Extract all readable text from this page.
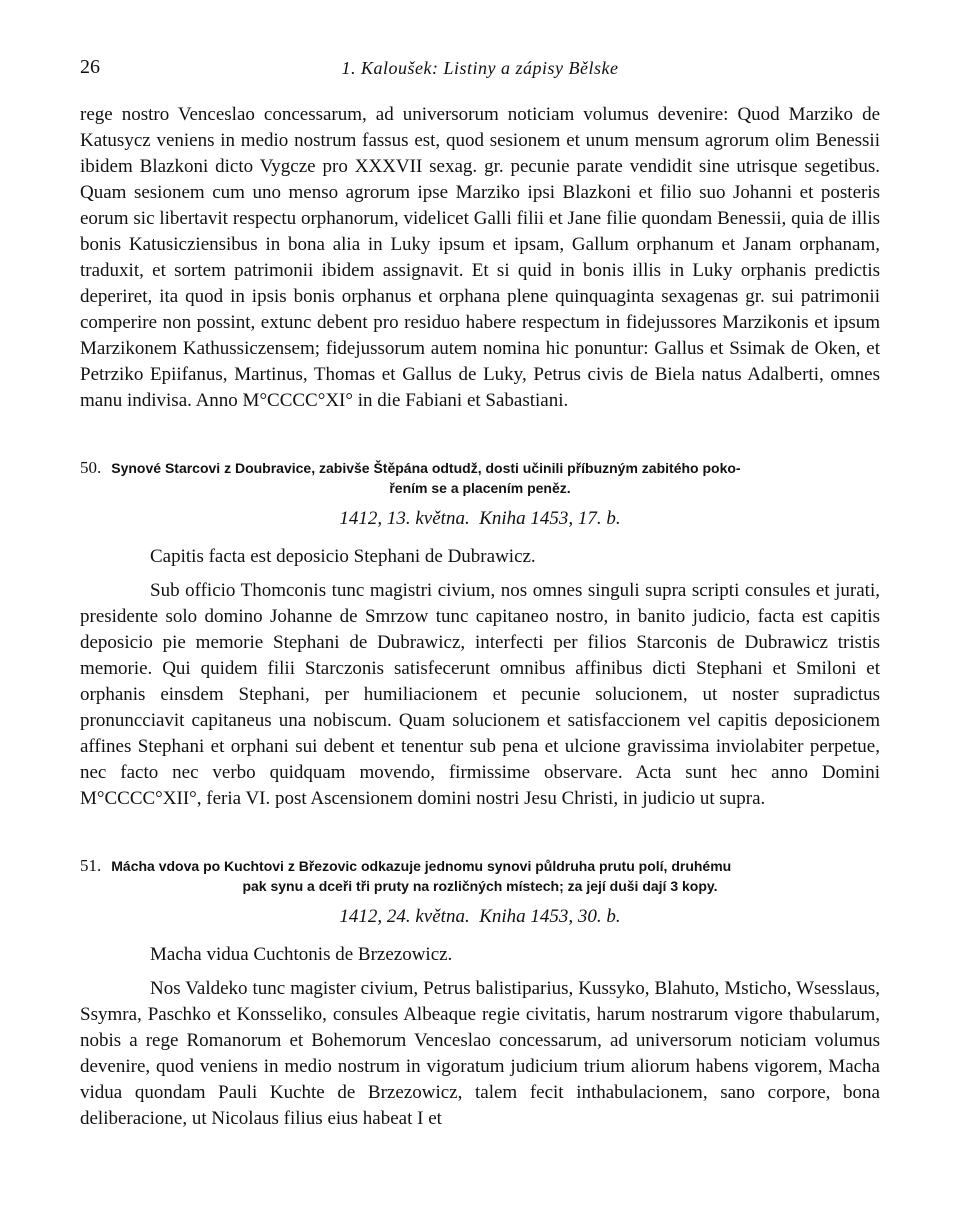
26	1. Kaloušek: Listiny a zápisy Bělske

rege nostro Venceslao concessarum, ad universorum noticiam volumus devenire: Quod Marziko de Katusycz veniens in medio nostrum fassus est, quod sesionem et unum mensum agrorum olim Benessii ibidem Blazkoni dicto Vygcze pro XXXVII sexag. gr. pecunie parate vendidit sine utrisque segetibus. Quam sesionem cum uno menso agrorum ipse Marziko ipsi Blazkoni et filio suo Johanni et posteris eorum sic libertavit respectu orphanorum, videlicet Galli filii et Jane filie quondam Benessii, quia de illis bonis Katusicziensibus in bona alia in Luky ipsum et ipsam, Gallum orphanum et Janam orphanam, traduxit, et sortem patrimonii ibidem assignavit. Et si quid in bonis illis in Luky orphanis predictis deperiret, ita quod in ipsis bonis orphanus et orphana plene quinquaginta sexagenas gr. sui patrimonii comperire non possint, extunc debent pro residuo habere respectum in fidejussores Marzikonis et ipsum Marzikonem Kathussiczensem; fidejussorum autem nomina hic ponuntur: Gallus et Ssimak de Oken, et Petrziko Epiifanus, Martinus, Thomas et Gallus de Luky, Petrus civis de Biela natus Adalberti, omnes manu indivisa. Anno M°CCCC°XI° in die Fabiani et Sabastiani.

50. Synové Starcovi z Doubravice, zabivše Štěpána odtudž, dosti učinili příbuzným zabitého poko-
řením se a placením peněz.

1412, 13. května. Kniha 1453, 17. b.

Capitis facta est deposicio Stephani de Dubrawicz.

Sub officio Thomconis tunc magistri civium, nos omnes singuli supra scripti consules et jurati, presidente solo domino Johanne de Smrzow tunc capitaneo nostro, in banito judicio, facta est capitis deposicio pie memorie Stephani de Dubrawicz, interfecti per filios Starconis de Dubrawicz tristis memorie. Qui quidem filii Starczonis satisfecerunt omnibus affinibus dicti Stephani et Smiloni et orphanis einsdem Stephani, per humiliacionem et pecunie solucionem, ut noster supradictus pronuncciavit capitaneus una nobiscum. Quam solucionem et satisfaccionem vel capitis deposicionem affines Stephani et orphani sui debent et tenentur sub pena et ulcione gravissima inviolabiter perpetue, nec facto nec verbo quidquam movendo, firmissime observare. Acta sunt hec anno Domini M°CCCC°XII°, feria VI. post Ascensionem domini nostri Jesu Christi, in judicio ut supra.

51. Mácha vdova po Kuchtovi z Březovic odkazuje jednomu synovi půldruha prutu polí, druhému
pak synu a dceři tři pruty na rozličných místech; za její duši dají 3 kopy.

1412, 24. května. Kniha 1453, 30. b.

Macha vidua Cuchtonis de Brzezowicz.

Nos Valdeko tunc magister civium, Petrus balistiparius, Kussyko, Blahuto, Msticho, Wsesslaus, Ssymra, Paschko et Konsseliko, consules Albeaque regie civitatis, harum nostrarum vigore thabularum, nobis a rege Romanorum et Bohemorum Venceslao concessarum, ad universorum noticiam volumus devenire, quod veniens in medio nostrum in vigoratum judicium trium aliorum habens vigorem, Macha vidua quondam Pauli Kuchte de Brzezowicz, talem fecit inthabulacionem, sano corpore, bona deliberacione, ut Nicolaus filius eius habeat I et
